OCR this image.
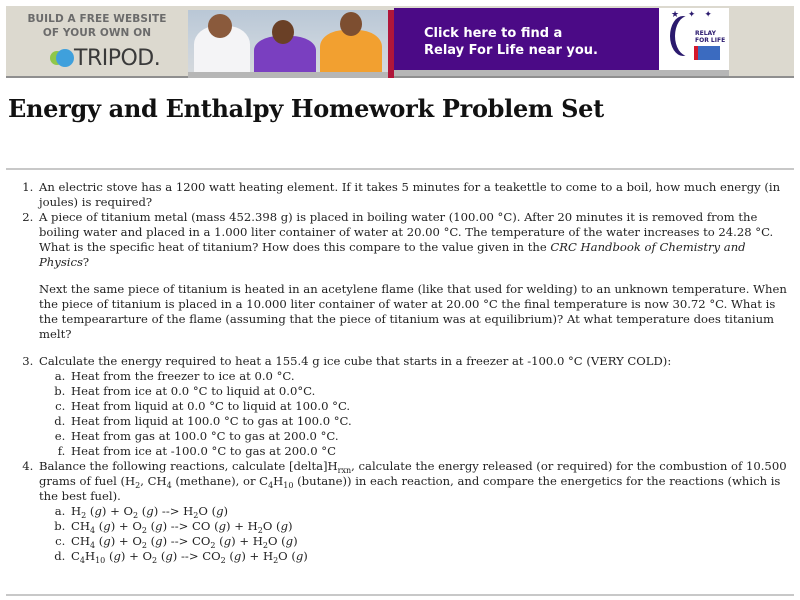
BUILD A FREE WEBSITE
OF YOUR OWN ON
TRIPOD.
Click here to find a
Relay For Life near you.
★ ✦ ✦
RELAY
FOR LIFE
Energy and Enthalpy Homework Problem Set
1. An electric stove has a 1200 watt heating element. If it takes 5 minutes for a teakettle to come to a boil, how much energy (in joules) is required?
2. A piece of titanium metal (mass 452.398 g) is placed in boiling water (100.00 °C). After 20 minutes it is removed from the boiling water and placed in a 1.000 liter container of water at 20.00 °C. The temperature of the water increases to 24.28 °C. What is the specific heat of titanium? How does this compare to the value given in the CRC Handbook of Chemistry and Physics?

Next the same piece of titanium is heated in an acetylene flame (like that used for welding) to an unknown temperature. When the piece of titanium is placed in a 10.000 liter container of water at 20.00 °C the final temperature is now 30.72 °C. What is the tempeararture of the flame (assuming that the piece of titanium was at equilibrium)? At what temperature does titanium melt?

3. Calculate the energy required to heat a 155.4 g ice cube that starts in a freezer at -100.0 °C (VERY COLD):
a. Heat from the freezer to ice at 0.0 °C.
b. Heat from ice at 0.0 °C to liquid at 0.0°C.
c. Heat from liquid at 0.0 °C to liquid at 100.0 °C.
d. Heat from liquid at 100.0 °C to gas at 100.0 °C.
e. Heat from gas at 100.0 °C to gas at 200.0 °C.
f. Heat from ice at -100.0 °C to gas at 200.0 °C
4. Balance the following reactions, calculate $[delta]H_{rxn}$, calculate the energy released (or required) for the combustion of 10.500 grams of fuel ($H_2$, $CH_4$ (methane), or $C_4H_{10}$ (butane)) in each reaction, and compare the energetics for the reactions (which is the best fuel).
a. $H_2$ $(g) + O_2$ (g) --> $H_2O$ (g)
b. $CH_4$ $(g) + O_2$ (g) --> CO $(g) + H_2O$ (g)
c. $CH_4$ $(g) + O_2$ (g) --> $CO_2$ $(g) + H_2O$ (g)
d. $C_4H_{10}$ $(g) + O_2$ (g) --> $CO_2$ $(g) + H_2O$ (g)
